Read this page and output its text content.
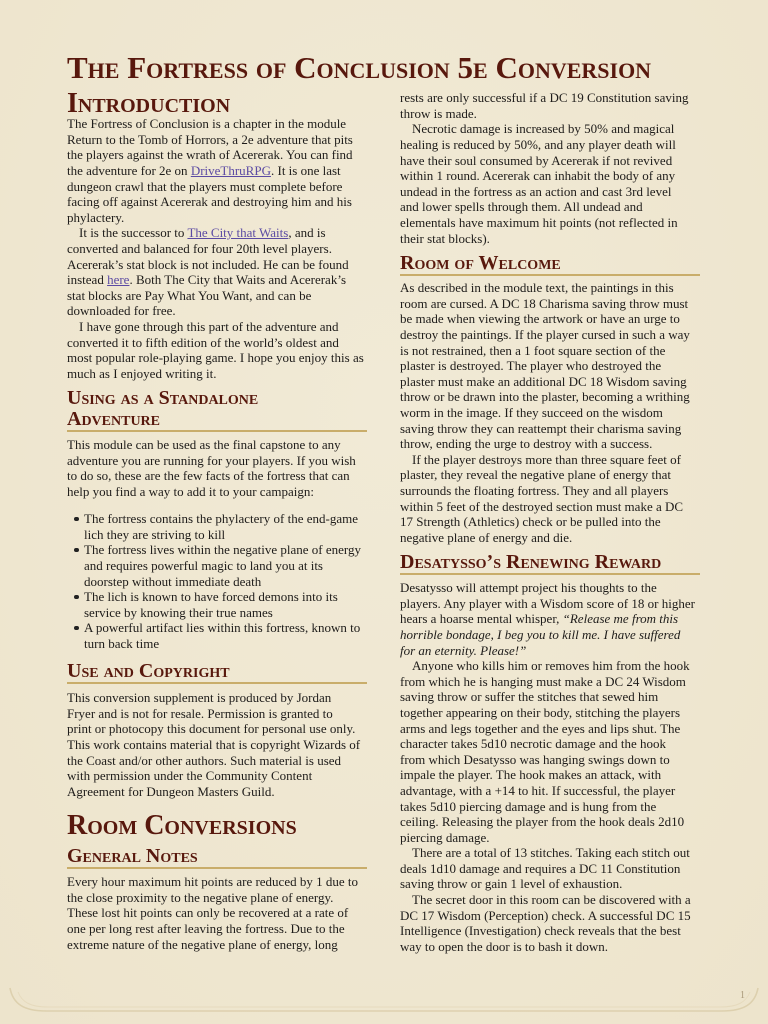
The Fortress of Conclusion 5e Conversion
Introduction
The Fortress of Conclusion is a chapter in the module
Return to the Tomb of Horrors, a 2e adventure that pits
the players against the wrath of Acererak. You can find
the adventure for 2e on DriveThruRPG. It is one last
dungeon crawl that the players must complete before
facing off against Acererak and destroying him and his
phylactery.
It is the successor to The City that Waits, and is
converted and balanced for four 20th level players.
Acererak’s stat block is not included. He can be found
instead here. Both The City that Waits and Acererak’s
stat blocks are Pay What You Want, and can be
downloaded for free.
I have gone through this part of the adventure and
converted it to fifth edition of the world’s oldest and
most popular role-playing game. I hope you enjoy this as
much as I enjoyed writing it.
Using as a Standalone Adventure
This module can be used as the final capstone to any
adventure you are running for your players. If you wish
to do so, these are the few facts of the fortress that can
help you find a way to add it to your campaign:
The fortress contains the phylactery of the end-game
lich they are striving to kill
The fortress lives within the negative plane of energy
and requires powerful magic to land you at its
doorstep without immediate death
The lich is known to have forced demons into its
service by knowing their true names
A powerful artifact lies within this fortress, known to
turn back time
Use and Copyright
This conversion supplement is produced by Jordan
Fryer and is not for resale. Permission is granted to
print or photocopy this document for personal use only.
This work contains material that is copyright Wizards of
the Coast and/or other authors. Such material is used
with permission under the Community Content
Agreement for Dungeon Masters Guild.
Room Conversions
General Notes
Every hour maximum hit points are reduced by 1 due to
the close proximity to the negative plane of energy.
These lost hit points can only be recovered at a rate of
one per long rest after leaving the fortress. Due to the
extreme nature of the negative plane of energy, long
rests are only successful if a DC 19 Constitution saving
throw is made.
Necrotic damage is increased by 50% and magical
healing is reduced by 50%, and any player death will
have their soul consumed by Acererak if not revived
within 1 round. Acererak can inhabit the body of any
undead in the fortress as an action and cast 3rd level
and lower spells through them. All undead and
elementals have maximum hit points (not reflected in
their stat blocks).
Room of Welcome
As described in the module text, the paintings in this
room are cursed. A DC 18 Charisma saving throw must
be made when viewing the artwork or have an urge to
destroy the paintings. If the player cursed in such a way
is not restrained, then a 1 foot square section of the
plaster is destroyed. The player who destroyed the
plaster must make an additional DC 18 Wisdom saving
throw or be drawn into the plaster, becoming a writhing
worm in the image. If they succeed on the wisdom
saving throw they can reattempt their charisma saving
throw, ending the urge to destroy with a success.
If the player destroys more than three square feet of
plaster, they reveal the negative plane of energy that
surrounds the floating fortress. They and all players
within 5 feet of the destroyed section must make a DC
17 Strength (Athletics) check or be pulled into the
negative plane of energy and die.
Desatysso’s Renewing Reward
Desatysso will attempt project his thoughts to the
players. Any player with a Wisdom score of 18 or higher
hears a hoarse mental whisper, “Release me from this
horrible bondage, I beg you to kill me. I have suffered
for an eternity. Please!”
Anyone who kills him or removes him from the hook
from which he is hanging must make a DC 24 Wisdom
saving throw or suffer the stitches that sewed him
together appearing on their body, stitching the players
arms and legs together and the eyes and lips shut. The
character takes 5d10 necrotic damage and the hook
from which Desatysso was hanging swings down to
impale the player. The hook makes an attack, with
advantage, with a +14 to hit. If successful, the player
takes 5d10 piercing damage and is hung from the
ceiling. Releasing the player from the hook deals 2d10
piercing damage.
There are a total of 13 stitches. Taking each stitch out
deals 1d10 damage and requires a DC 11 Constitution
saving throw or gain 1 level of exhaustion.
The secret door in this room can be discovered with a
DC 17 Wisdom (Perception) check. A successful DC 15
Intelligence (Investigation) check reveals that the best
way to open the door is to bash it down.
1
